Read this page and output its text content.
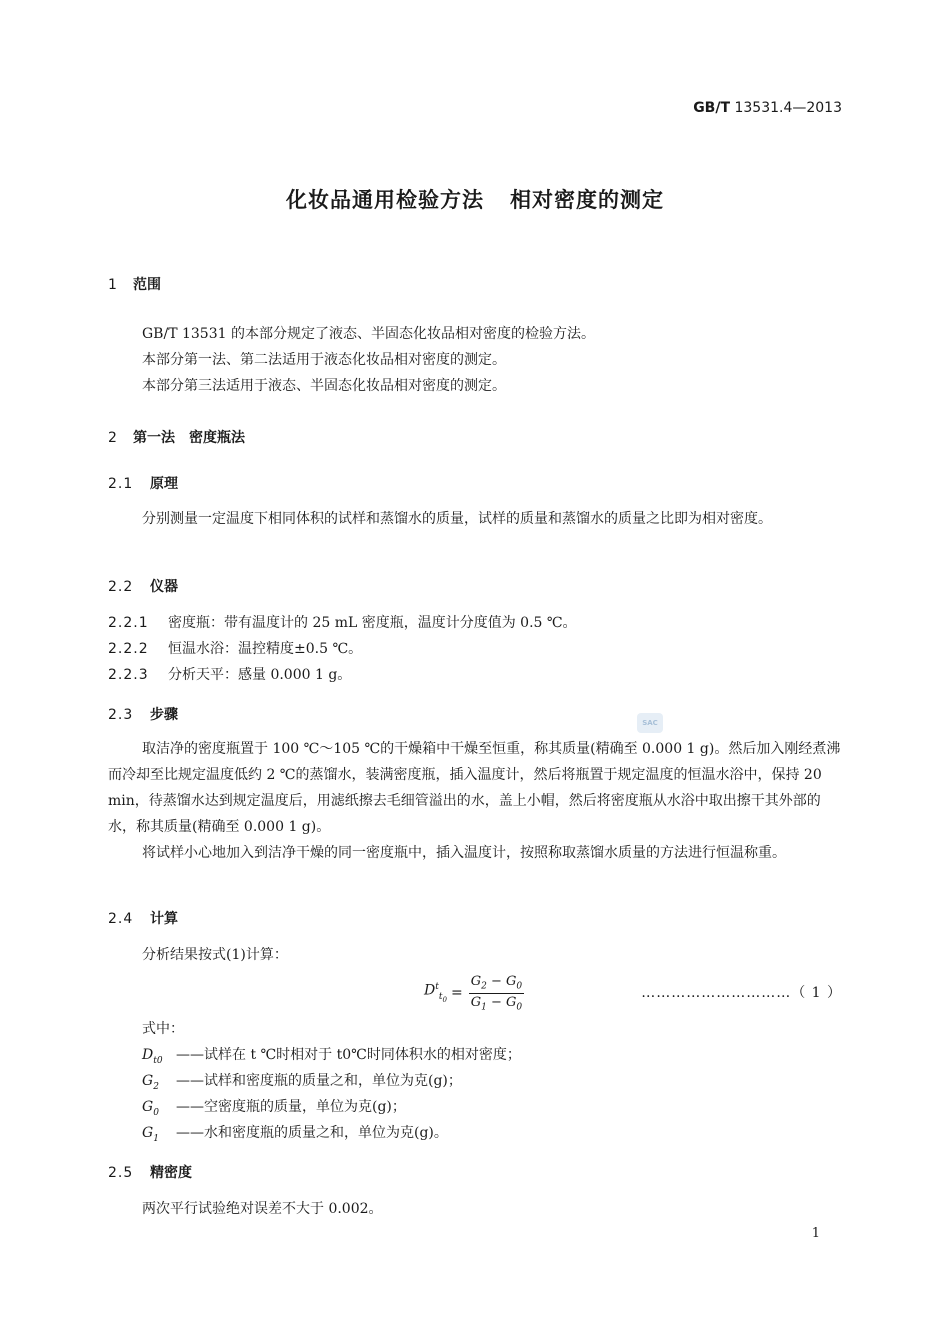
GB/T 13531.4—2013
化妆品通用检验方法 相对密度的测定
1 范围
GB/T 13531 的本部分规定了液态、半固态化妆品相对密度的检验方法。
本部分第一法、第二法适用于液态化妆品相对密度的测定。
本部分第三法适用于液态、半固态化妆品相对密度的测定。
2 第一法　密度瓶法
2.1 原理
分别测量一定温度下相同体积的试样和蒸馏水的质量，试样的质量和蒸馏水的质量之比即为相对密度。
2.2 仪器
2.2.1 密度瓶：带有温度计的 25 mL 密度瓶，温度计分度值为 0.5 ℃。
2.2.2 恒温水浴：温控精度±0.5 ℃。
2.2.3 分析天平：感量 0.000 1 g。
2.3 步骤	SAC
取洁净的密度瓶置于 100 ℃～105 ℃的干燥箱中干燥至恒重，称其质量(精确至 0.000 1 g)。然后加入刚经煮沸而冷却至比规定温度低约 2 ℃的蒸馏水，装满密度瓶，插入温度计，然后将瓶置于规定温度的恒温水浴中，保持 20 min，待蒸馏水达到规定温度后，用滤纸擦去毛细管溢出的水，盖上小帽，然后将密度瓶从水浴中取出擦干其外部的水，称其质量(精确至 0.000 1 g)。
将试样小心地加入到洁净干燥的同一密度瓶中，插入温度计，按照称取蒸馏水质量的方法进行恒温称重。
2.4 计算
分析结果按式(1)计算：
$D^t_{t_0} = \frac{G_2 - G_0}{G_1 - G_0}$	…………………………（ 1 ）
式中：
$D_{t0}$ ——试样在 t ℃时相对于 t0℃时同体积水的相对密度；
$G_2$ ——试样和密度瓶的质量之和，单位为克(g)；
$G_0$ ——空密度瓶的质量，单位为克(g)；
$G_1$ ——水和密度瓶的质量之和，单位为克(g)。
2.5 精密度
两次平行试验绝对误差不大于 0.002。
1
